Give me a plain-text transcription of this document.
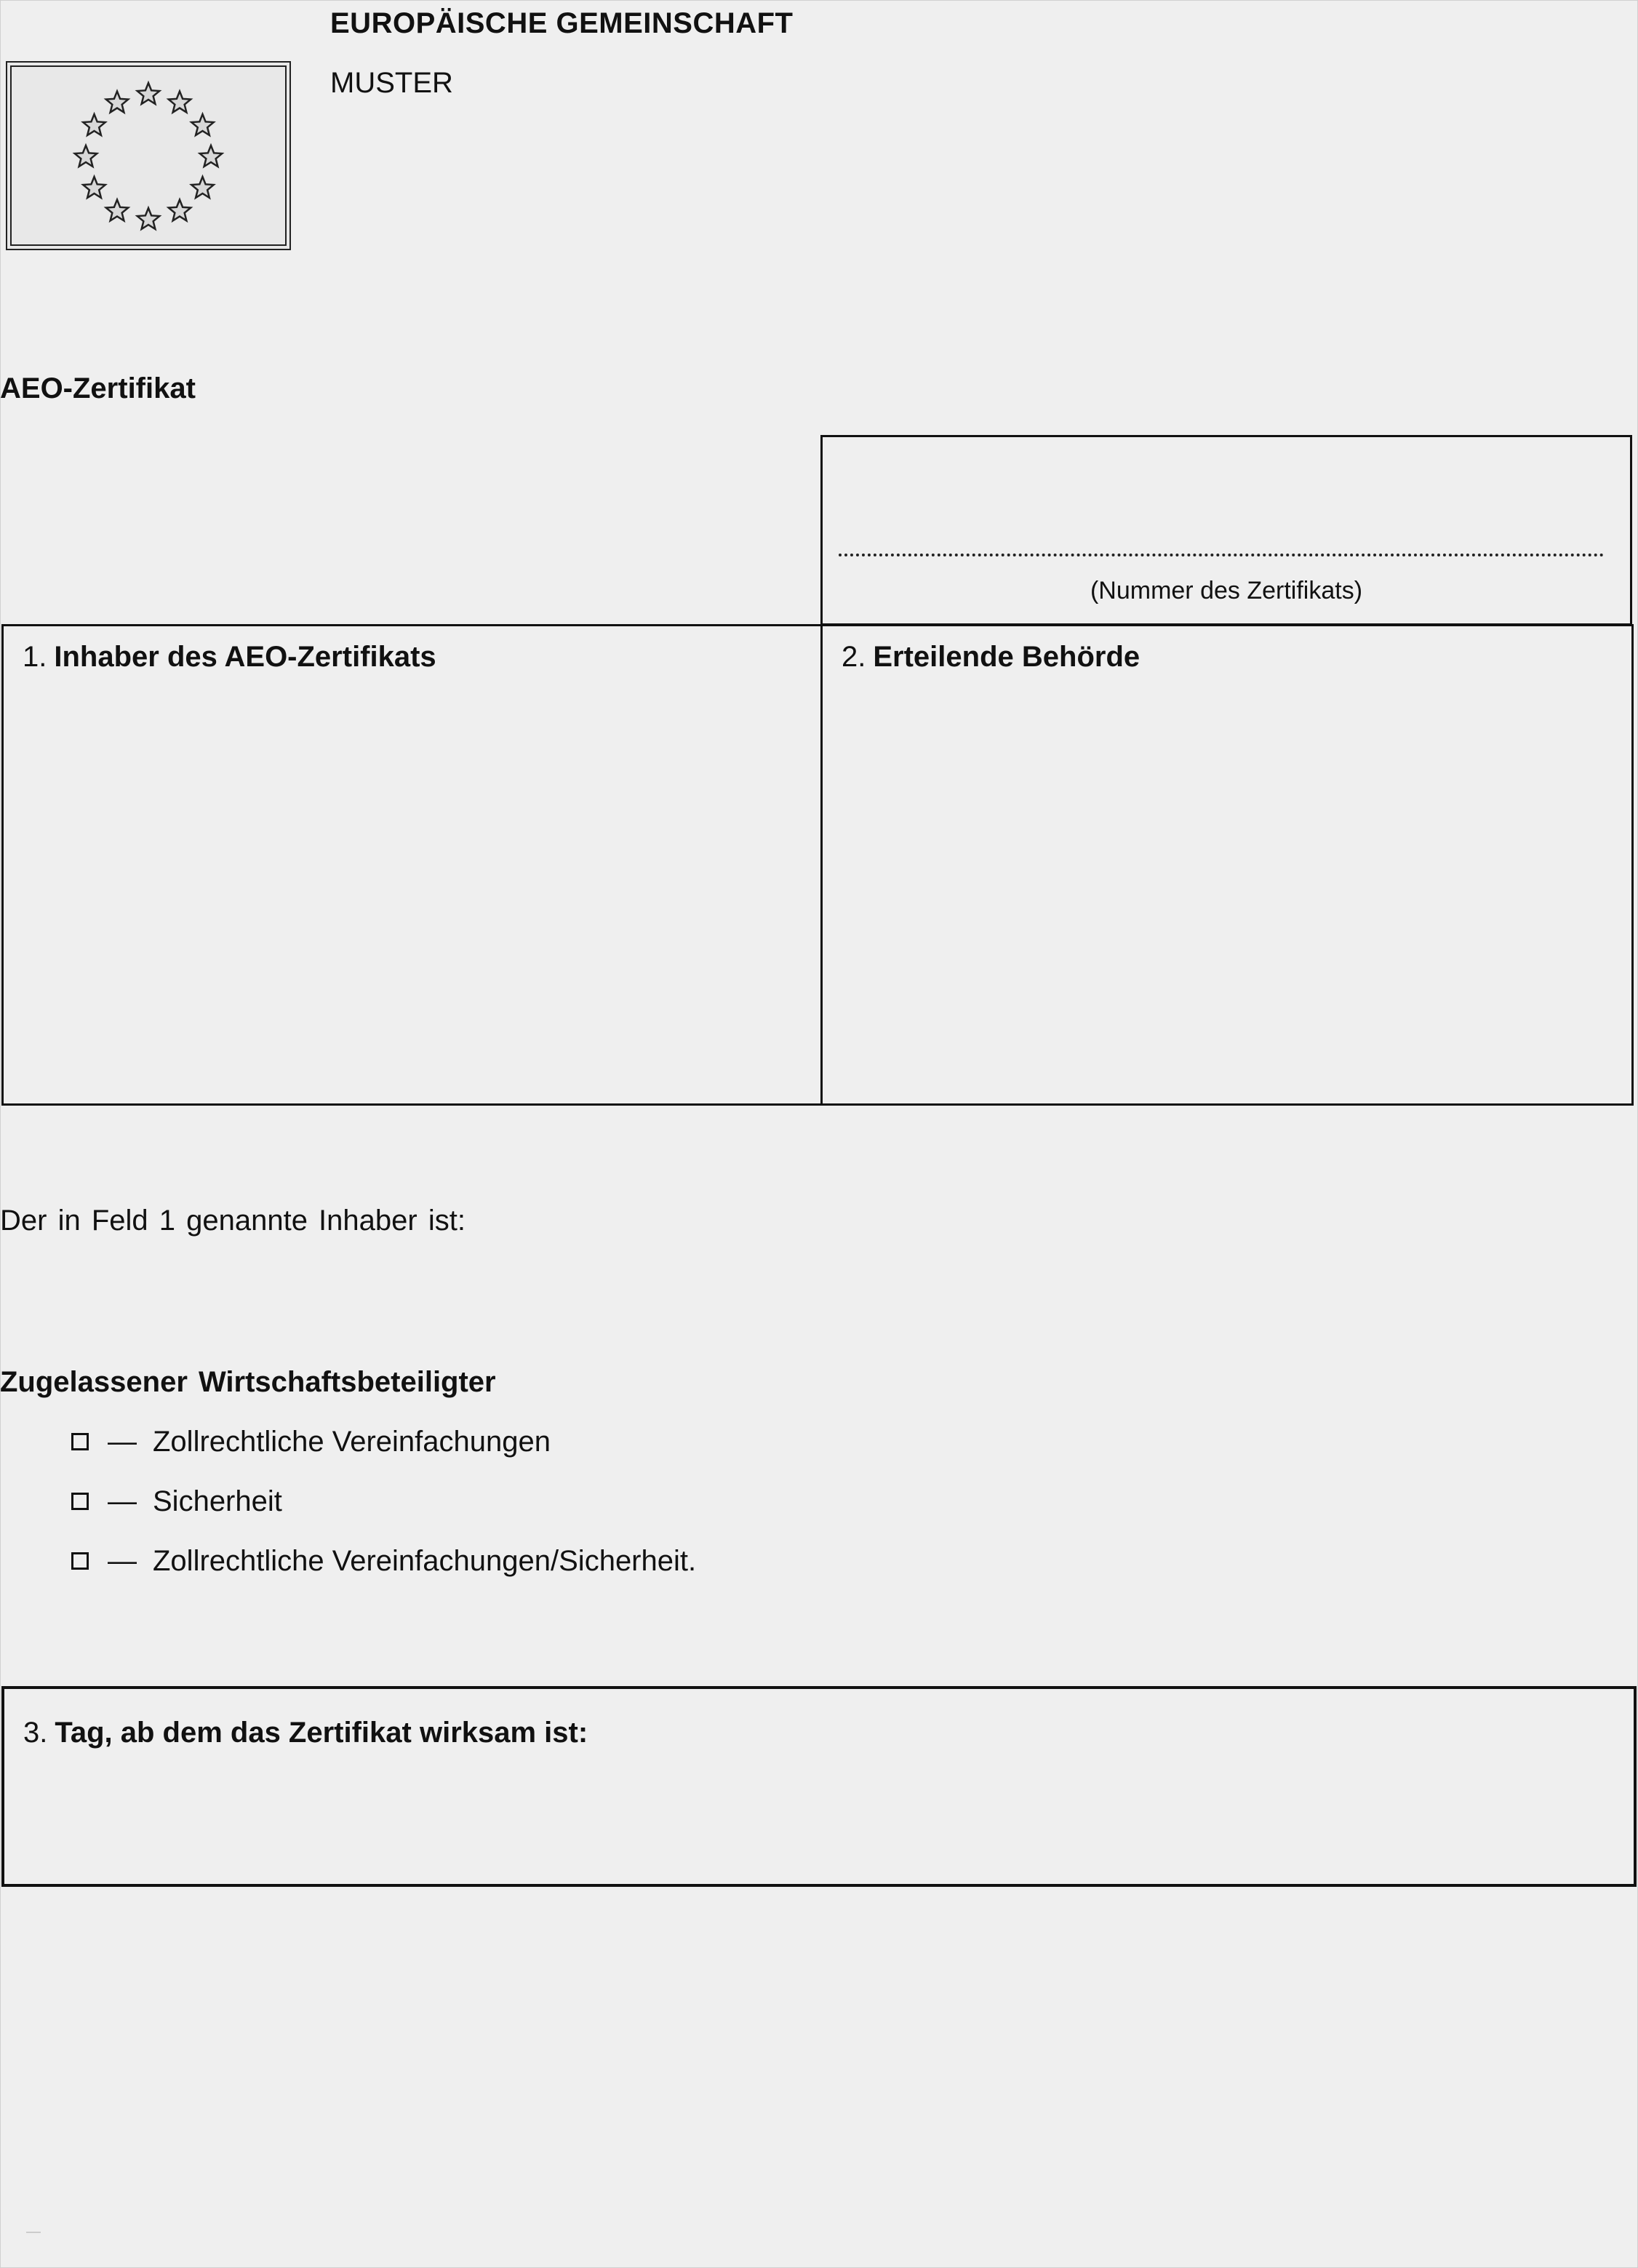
EUROPÄISCHE GEMEINSCHAFT
MUSTER
AEO-Zertifikat
(Nummer des Zertifikats)
1. Inhaber des AEO-Zertifikats	2. Erteilende Behörde
Der in Feld 1 genannte Inhaber ist:
Zugelassener Wirtschaftsbeteiligter
— Zollrechtliche Vereinfachungen
— Sicherheit
— Zollrechtliche Vereinfachungen/Sicherheit.
3. Tag, ab dem das Zertifikat wirksam ist:
